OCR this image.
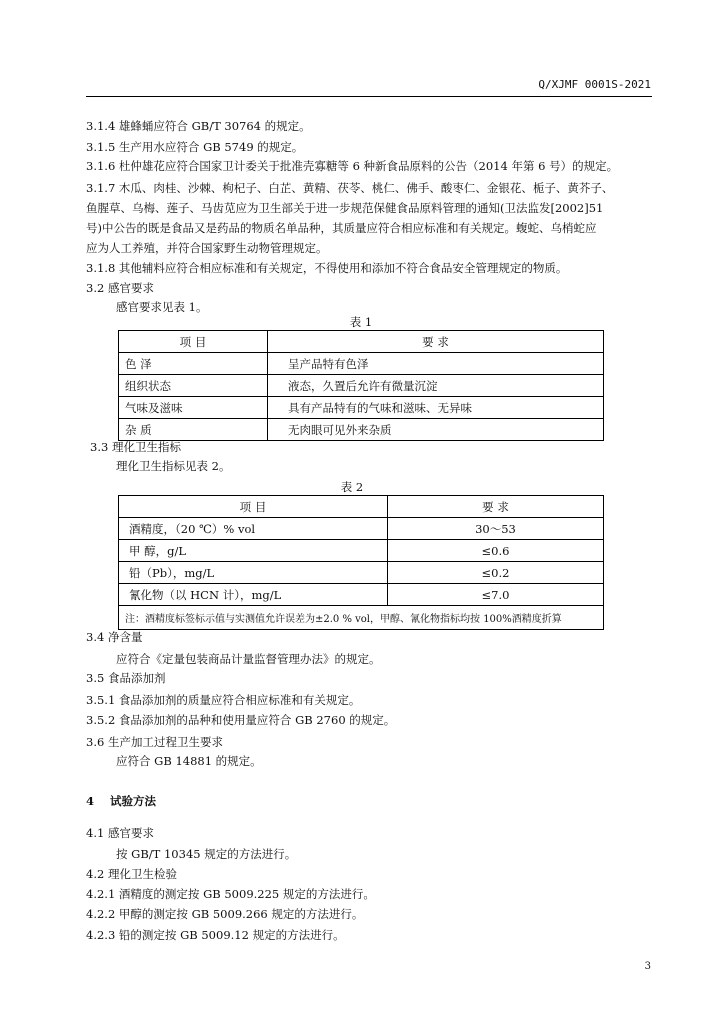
Q/XJMF 0001S-2021
3.1.4 雄蜂蛹应符合 GB/T 30764 的规定。
3.1.5 生产用水应符合 GB 5749 的规定。
3.1.6 杜仲雄花应符合国家卫计委关于批准壳寡糖等 6 种新食品原料的公告（2014 年第 6 号）的规定。
3.1.7 木瓜、肉桂、沙棘、枸杞子、白芷、黄精、茯苓、桃仁、佛手、酸枣仁、金银花、栀子、黄芥子、
鱼腥草、乌梅、莲子、马齿苋应为卫生部关于进一步规范保健食品原料管理的通知(卫法监发[2002]51
号)中公告的既是食品又是药品的物质名单品种，其质量应符合相应标准和有关规定。蝮蛇、乌梢蛇应
应为人工养殖，并符合国家野生动物管理规定。
3.1.8 其他辅料应符合相应标准和有关规定，不得使用和添加不符合食品安全管理规定的物质。
3.2 感官要求
感官要求见表 1。
表 1
项 目	要 求
色 泽	呈产品特有色泽
组织状态	液态，久置后允许有微量沉淀
气味及滋味	具有产品特有的气味和滋味、无异味
杂 质	无肉眼可见外来杂质
3.3 理化卫生指标
理化卫生指标见表 2。
表 2
项 目	要 求
酒精度，（20 ℃）% vol	30～53
甲 醇，g/L	≤0.6
铅（Pb），mg/L	≤0.2
氰化物（以 HCN 计），mg/L	≤7.0
注：酒精度标签标示值与实测值允许误差为±2.0 % vol，甲醇、氰化物指标均按 100%酒精度折算	
3.4 净含量
应符合《定量包装商品计量监督管理办法》的规定。
3.5 食品添加剂
3.5.1 食品添加剂的质量应符合相应标准和有关规定。
3.5.2 食品添加剂的品种和使用量应符合 GB 2760 的规定。
3.6 生产加工过程卫生要求
应符合 GB 14881 的规定。
4 试验方法
4.1 感官要求
按 GB/T 10345 规定的方法进行。
4.2 理化卫生检验
4.2.1 酒精度的测定按 GB 5009.225 规定的方法进行。
4.2.2 甲醇的测定按 GB 5009.266 规定的方法进行。
4.2.3 铅的测定按 GB 5009.12 规定的方法进行。
3
